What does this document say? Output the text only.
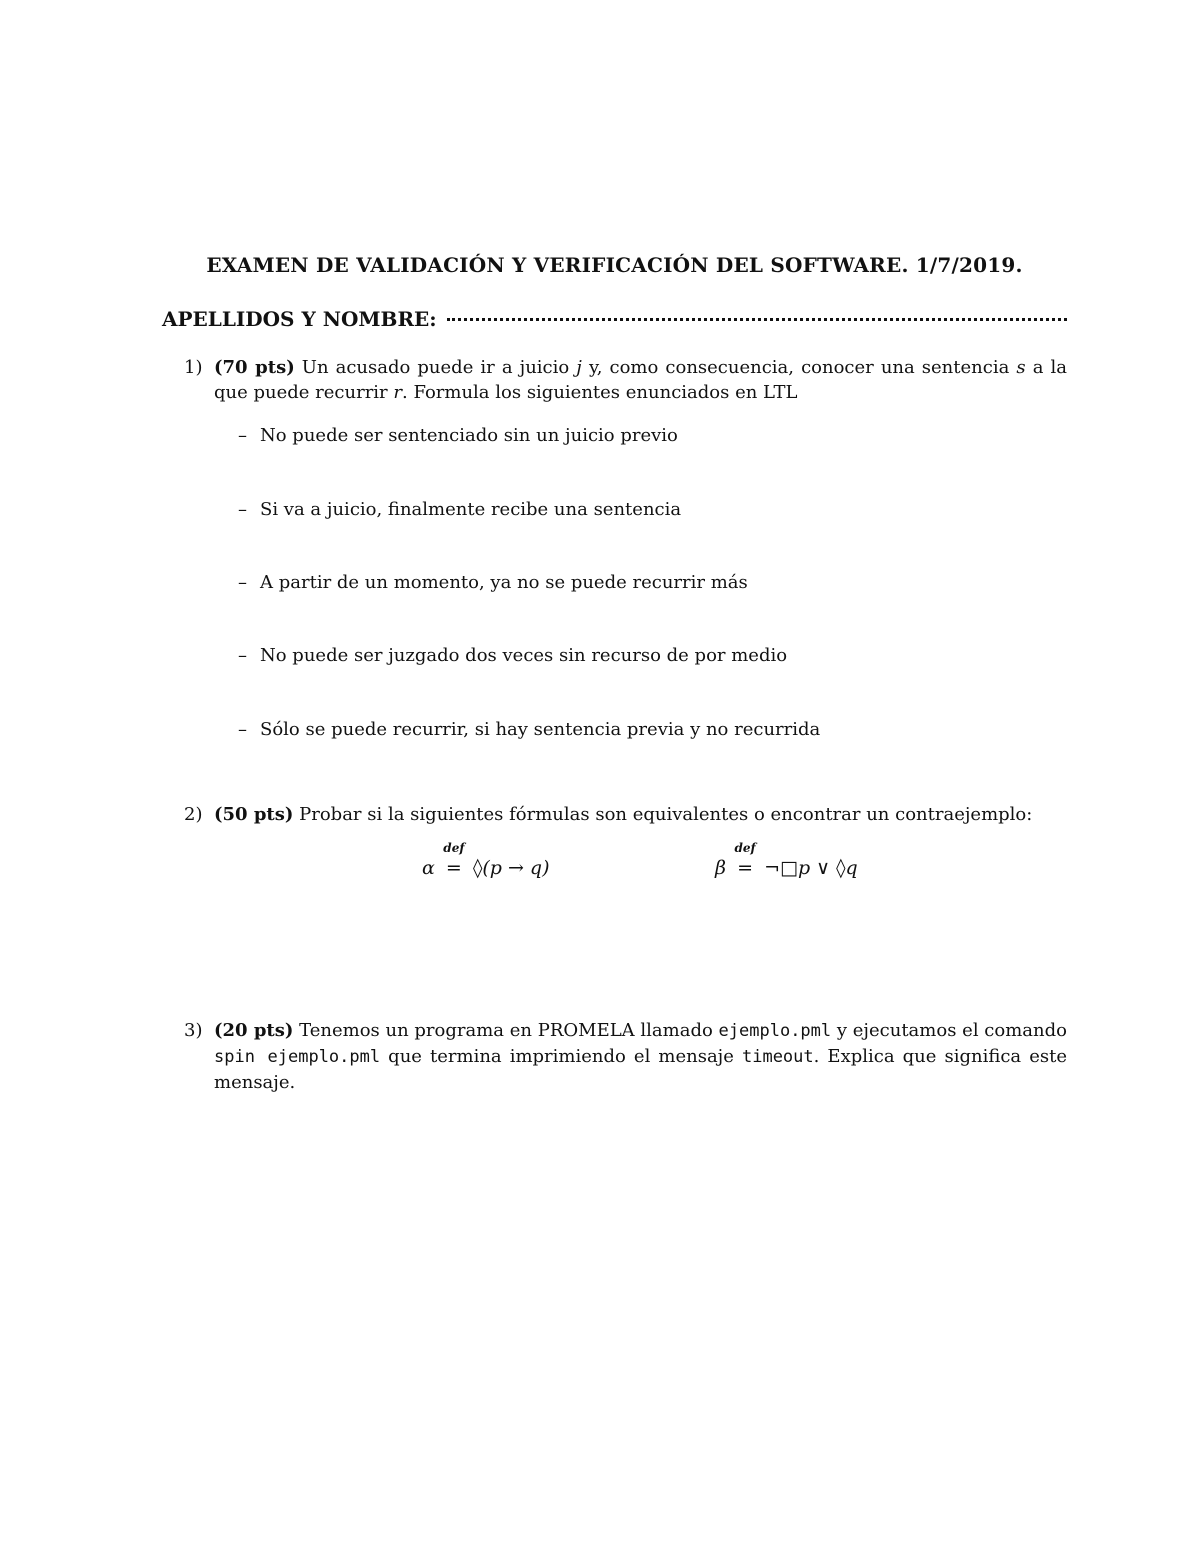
EXAMEN DE VALIDACIÓN Y VERIFICACIÓN DEL SOFTWARE. 1/7/2019.
APELLIDOS Y NOMBRE:
1) (70 pts) Un acusado puede ir a juicio j y, como consecuencia, conocer una sentencia s a la que puede recurrir r. Formula los siguientes enunciados en LTL
– No puede ser sentenciado sin un juicio previo
– Si va a juicio, finalmente recibe una sentencia
– A partir de un momento, ya no se puede recurrir más
– No puede ser juzgado dos veces sin recurso de por medio
– Sólo se puede recurrir, si hay sentencia previa y no recurrida
2) (50 pts) Probar si la siguientes fórmulas son equivalentes o encontrar un contraejemplo:
α
def
= ◊(p → q)	β
def
= ¬□p ∨ ◊q
3) (20 pts) Tenemos un programa en PROMELA llamado ejemplo.pml y ejecutamos el comando spin ejemplo.pml que termina imprimiendo el mensaje timeout. Explica que significa este mensaje.
